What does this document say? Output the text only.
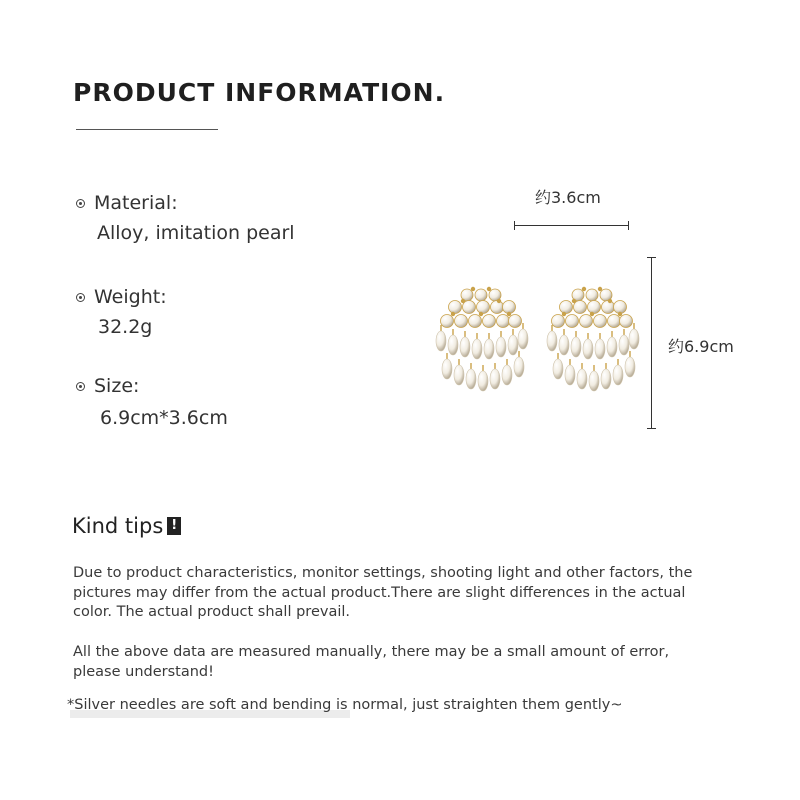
PRODUCT INFORMATION.
Material:
Alloy, imitation pearl
Weight:
32.2g
Size:
6.9cm*3.6cm
约3.6cm
约6.9cm
Kind tips !
Due to product characteristics, monitor settings, shooting light and other factors, the pictures may differ from the actual product.There are slight differences in the actual color. The actual product shall prevail.
All the above data are measured manually, there may be a small amount of error, please understand!
*Silver needles are soft and bending is normal, just straighten them gently~
